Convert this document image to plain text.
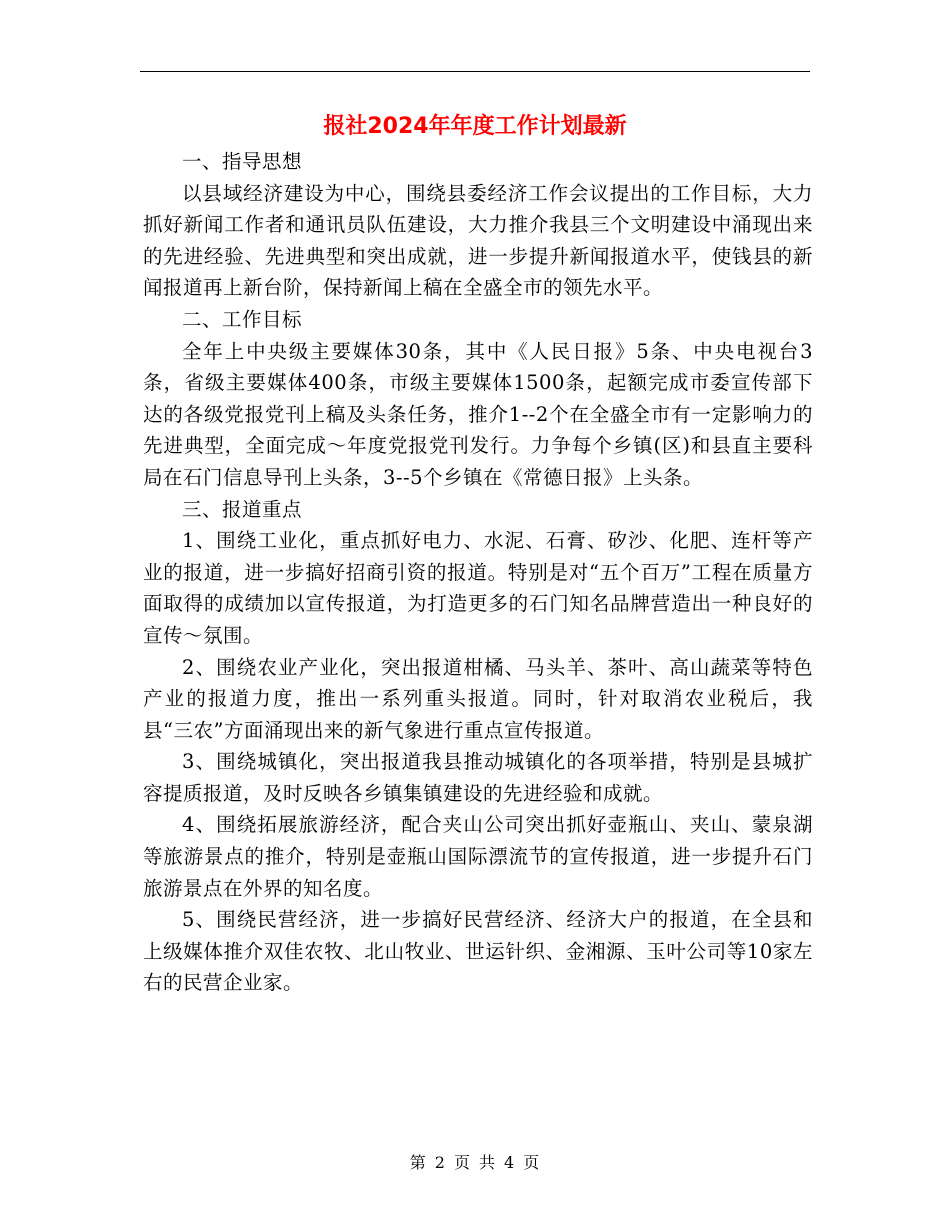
报社2024年年度工作计划最新

一、指导思想

以县域经济建设为中心，围绕县委经济工作会议提出的工作目标，大力抓好新闻工作者和通讯员队伍建设，大力推介我县三个文明建设中涌现出来的先进经验、先进典型和突出成就，进一步提升新闻报道水平，使钱县的新闻报道再上新台阶，保持新闻上稿在全盛全市的领先水平。

二、工作目标

全年上中央级主要媒体30条，其中《人民日报》5条、中央电视台3条，省级主要媒体400条，市级主要媒体1500条，起额完成市委宣传部下达的各级党报党刊上稿及头条任务，推介1--2个在全盛全市有一定影响力的先进典型，全面完成～年度党报党刊发行。力争每个乡镇(区)和县直主要科局在石门信息导刊上头条，3--5个乡镇在《常德日报》上头条。

三、报道重点

1、围绕工业化，重点抓好电力、水泥、石膏、矽沙、化肥、连杆等产业的报道，进一步搞好招商引资的报道。特别是对“五个百万”工程在质量方面取得的成绩加以宣传报道，为打造更多的石门知名品牌营造出一种良好的宣传～氛围。

2、围绕农业产业化，突出报道柑橘、马头羊、茶叶、高山蔬菜等特色产业的报道力度，推出一系列重头报道。同时，针对取消农业税后，我县“三农”方面涌现出来的新气象进行重点宣传报道。

3、围绕城镇化，突出报道我县推动城镇化的各项举措，特别是县城扩容提质报道，及时反映各乡镇集镇建设的先进经验和成就。

4、围绕拓展旅游经济，配合夹山公司突出抓好壶瓶山、夹山、蒙泉湖等旅游景点的推介，特别是壶瓶山国际漂流节的宣传报道，进一步提升石门旅游景点在外界的知名度。

5、围绕民营经济，进一步搞好民营经济、经济大户的报道，在全县和上级媒体推介双佳农牧、北山牧业、世运针织、金湘源、玉叶公司等10家左右的民营企业家。

第 2 页 共 4 页
